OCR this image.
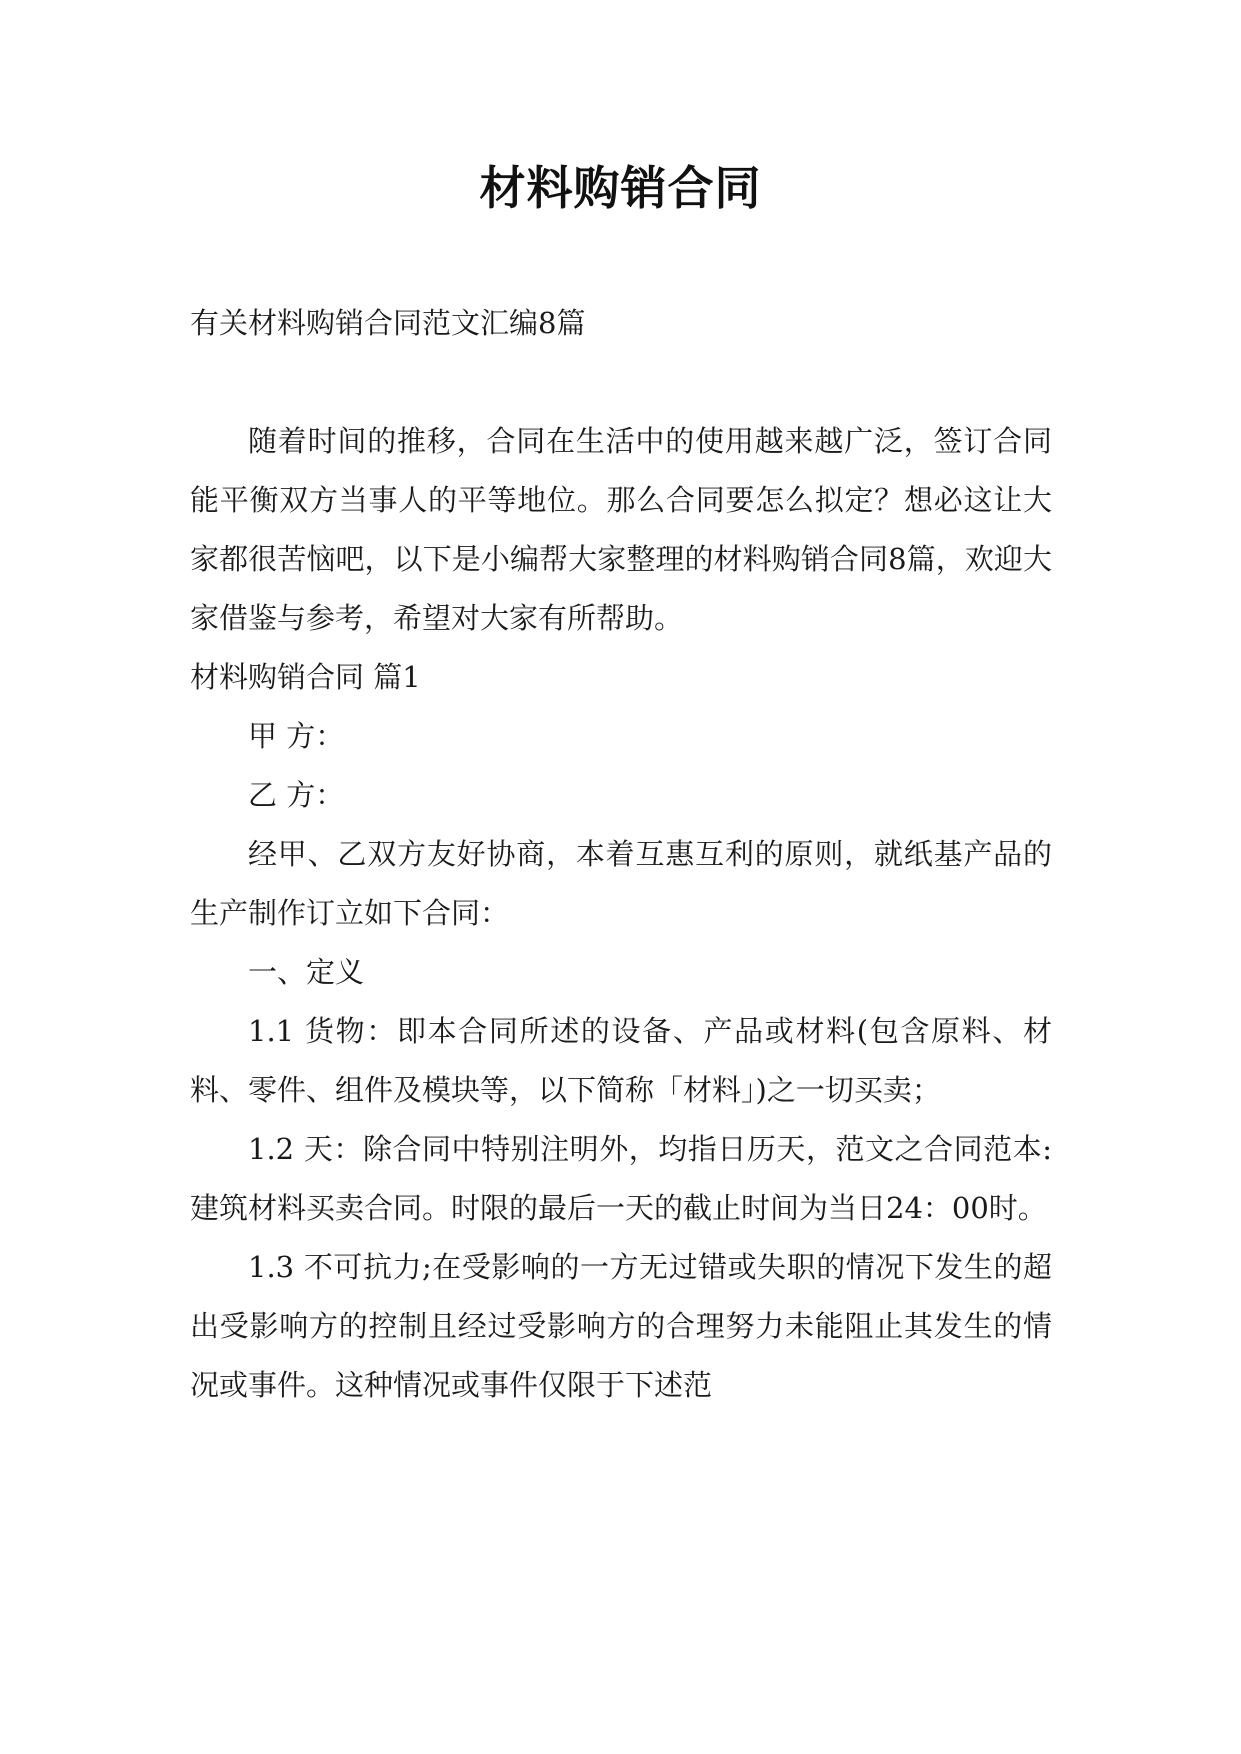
材料购销合同

有关材料购销合同范文汇编8篇

随着时间的推移，合同在生活中的使用越来越广泛，签订合同能平衡双方当事人的平等地位。那么合同要怎么拟定？想必这让大家都很苦恼吧，以下是小编帮大家整理的材料购销合同8篇，欢迎大家借鉴与参考，希望对大家有所帮助。

材料购销合同 篇1

甲 方：

乙 方：

经甲、乙双方友好协商，本着互惠互利的原则，就纸基产品的生产制作订立如下合同：

一、定义

1.1 货物：即本合同所述的设备、产品或材料(包含原料、材料、零件、组件及模块等，以下简称「材料」)之一切买卖；

1.2 天：除合同中特别注明外，均指日历天，范文之合同范本:建筑材料买卖合同。时限的最后一天的截止时间为当日24：00时。

1.3 不可抗力;在受影响的一方无过错或失职的情况下发生的超出受影响方的控制且经过受影响方的合理努力未能阻止其发生的情况或事件。这种情况或事件仅限于下述范
